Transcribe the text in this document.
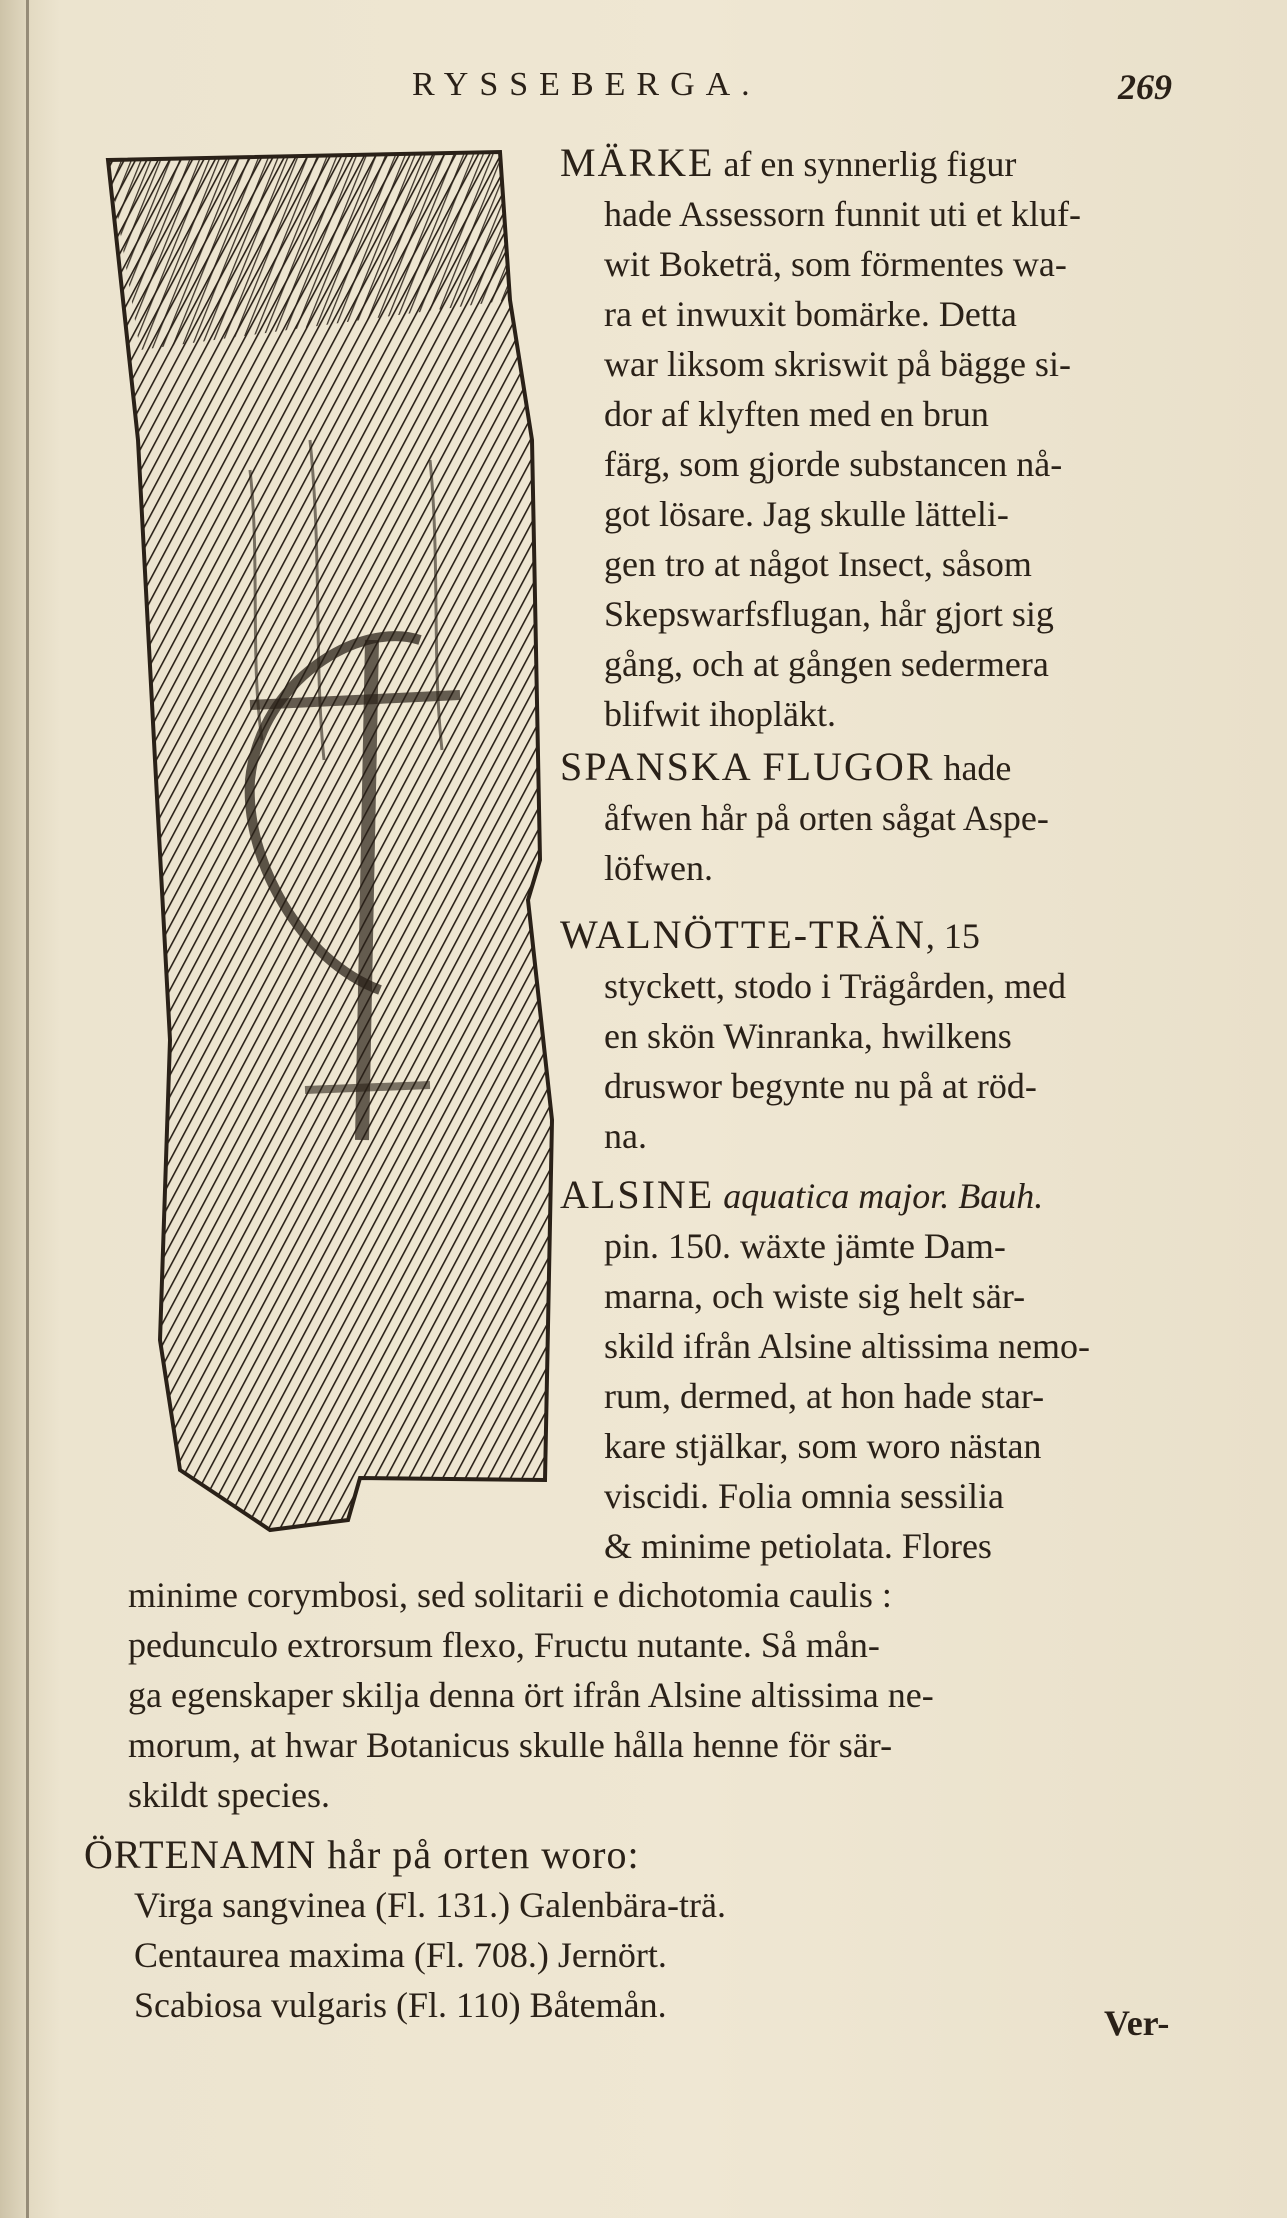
RYSSEBERGA.	269

MÄRKE af en synnerlig figur

hade Assessorn funnit uti et kluf-

wit Boketrä, som förmentes wa-

ra et inwuxit bomärke. Detta

war liksom skriswit på bägge si-

dor af klyften med en brun

färg, som gjorde substancen nå-

got lösare. Jag skulle lätteli-

gen tro at något Insect, såsom

Skepswarfsflugan, hår gjort sig

gång, och at gången sedermera

blifwit ihopläkt.

SPANSKA FLUGOR hade

åfwen hår på orten sågat Aspe-

löfwen.

WALNÖTTE-TRÄN, 15

styckett, stodo i Trägården, med

en skön Winranka, hwilkens

druswor begynte nu på at röd-

na.

ALSINE aquatica major. Bauh.

pin. 150. wäxte jämte Dam-

marna, och wiste sig helt sär-

skild ifrån Alsine altissima nemo-

rum, dermed, at hon hade star-

kare stjälkar, som woro nästan

viscidi. Folia omnia sessilia

& minime petiolata. Flores

minime corymbosi, sed solitarii e dichotomia caulis :

pedunculo extrorsum flexo, Fructu nutante. Så mån-

ga egenskaper skilja denna ört ifrån Alsine altissima ne-

morum, at hwar Botanicus skulle hålla henne för sär-

skildt species.

ÖRTENAMN hår på orten woro:

Virga sangvinea (Fl. 131.) Galenbära-trä.

Centaurea maxima (Fl. 708.) Jernört.

Scabiosa vulgaris (Fl. 110) Båtemån.	Ver-
